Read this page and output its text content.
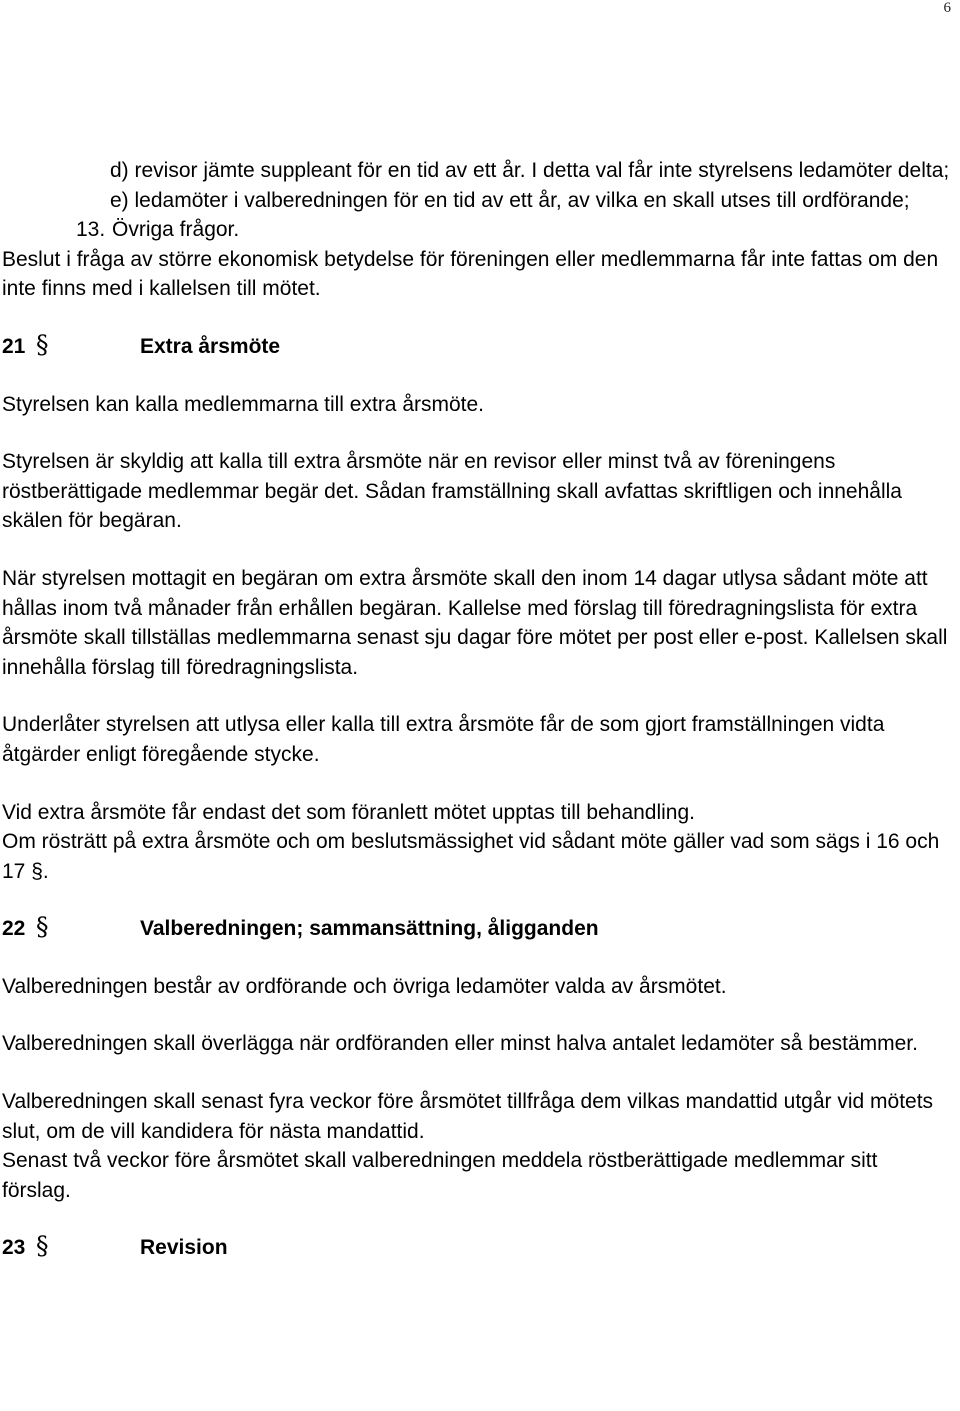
6

d) revisor jämte suppleant för en tid av ett år. I detta val får inte styrelsens ledamöter delta;

e) ledamöter i valberedningen för en tid av ett år, av vilka en skall utses till ordförande;

13. Övriga frågor.

Beslut i fråga av större ekonomisk betydelse för föreningen eller medlemmarna får inte fattas om den inte finns med i kallelsen till mötet.

21 §	Extra årsmöte

Styrelsen kan kalla medlemmarna till extra årsmöte.

Styrelsen är skyldig att kalla till extra årsmöte när en revisor eller minst två av föreningens röstberättigade medlemmar begär det. Sådan framställning skall avfattas skriftligen och innehålla skälen för begäran.

När styrelsen mottagit en begäran om extra årsmöte skall den inom 14 dagar utlysa sådant möte att hållas inom två månader från erhållen begäran. Kallelse med förslag till föredragningslista för extra årsmöte skall tillställas medlemmarna senast sju dagar före mötet per post eller e-post. Kallelsen skall innehålla förslag till föredragningslista.

Underlåter styrelsen att utlysa eller kalla till extra årsmöte får de som gjort framställningen vidta åtgärder enligt föregående stycke.

Vid extra årsmöte får endast det som föranlett mötet upptas till behandling.

Om rösträtt på extra årsmöte och om beslutsmässighet vid sådant möte gäller vad som sägs i 16 och 17 §.

22 §	Valberedningen; sammansättning, åligganden

Valberedningen består av ordförande och övriga ledamöter valda av årsmötet.

Valberedningen skall överlägga när ordföranden eller minst halva antalet ledamöter så bestämmer.

Valberedningen skall senast fyra veckor före årsmötet tillfråga dem vilkas mandattid utgår vid mötets slut, om de vill kandidera för nästa mandattid.

Senast två veckor före årsmötet skall valberedningen meddela röstberättigade medlemmar sitt förslag.

23 §	Revision
